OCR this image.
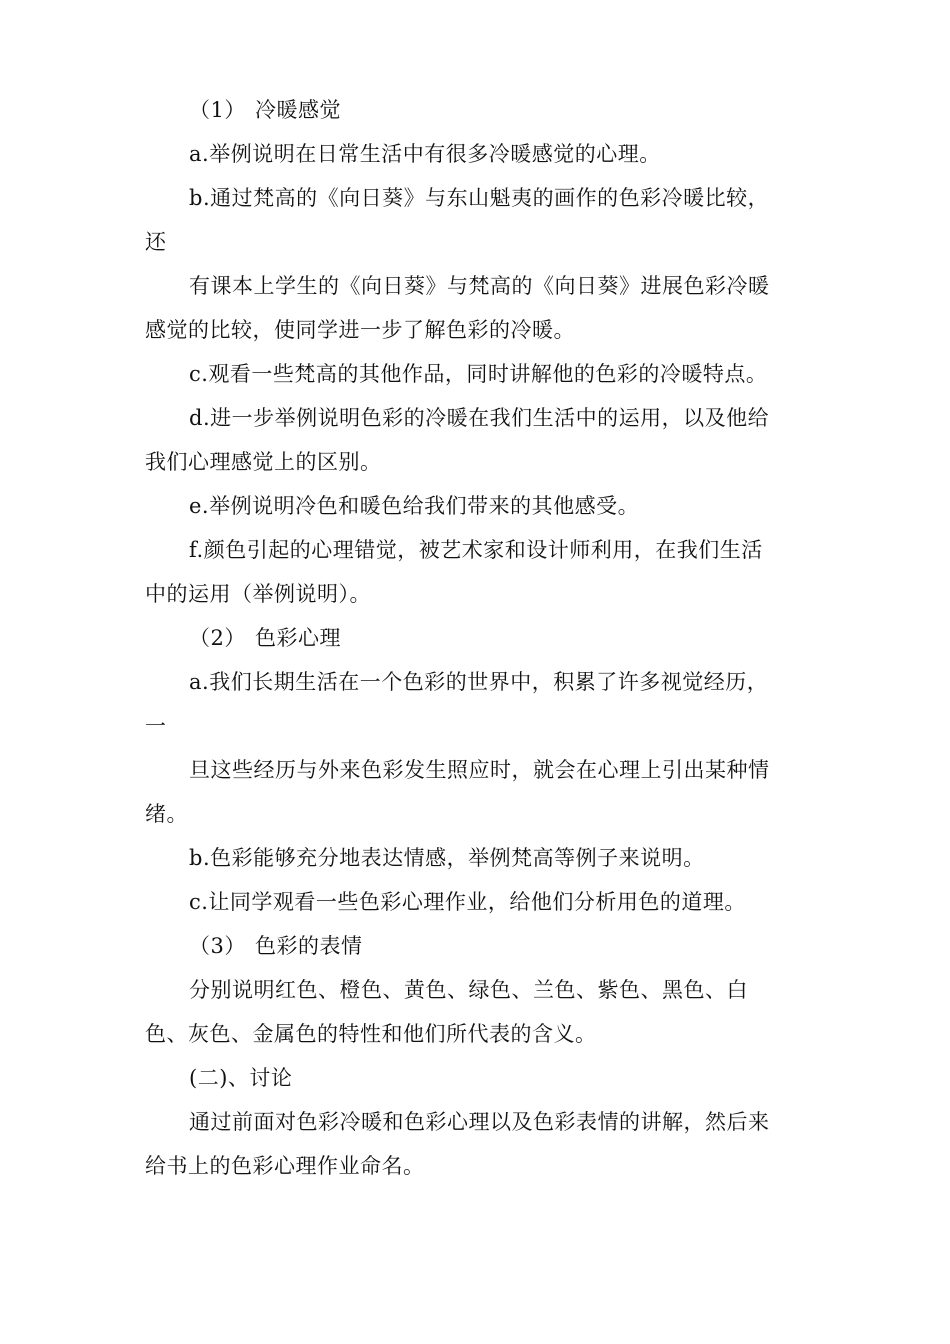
（1） 冷暖感觉
a.举例说明在日常生活中有很多冷暖感觉的心理。
b.通过梵高的《向日葵》与东山魁夷的画作的色彩冷暖比较，
还
有课本上学生的《向日葵》与梵高的《向日葵》进展色彩冷暖
感觉的比较，使同学进一步了解色彩的冷暖。
c.观看一些梵高的其他作品，同时讲解他的色彩的冷暖特点。
d.进一步举例说明色彩的冷暖在我们生活中的运用，以及他给
我们心理感觉上的区别。
e.举例说明冷色和暖色给我们带来的其他感受。
f.颜色引起的心理错觉，被艺术家和设计师利用，在我们生活
中的运用（举例说明）。
（2） 色彩心理
a.我们长期生活在一个色彩的世界中，积累了许多视觉经历，
一
旦这些经历与外来色彩发生照应时，就会在心理上引出某种情
绪。
b.色彩能够充分地表达情感，举例梵高等例子来说明。
c.让同学观看一些色彩心理作业，给他们分析用色的道理。
（3） 色彩的表情
分别说明红色、橙色、黄色、绿色、兰色、紫色、黑色、白
色、灰色、金属色的特性和他们所代表的含义。
(二)、讨论
通过前面对色彩冷暖和色彩心理以及色彩表情的讲解，然后来
给书上的色彩心理作业命名。
